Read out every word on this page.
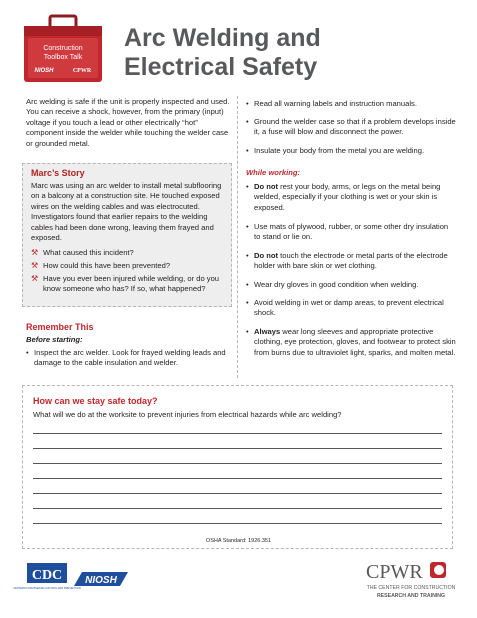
Construction
Toolbox Talk
NIOSH	CPWR
Arc Welding and
Electrical Safety
Arc welding is safe if the unit is properly inspected and used. You can receive a shock, however, from the primary (input) voltage if you touch a lead or other electrically “hot” component inside the welder while touching the welder case or grounded metal.
Marc’s Story
Marc was using an arc welder to install metal subflooring on a balcony at a construction site. He touched exposed wires on the welding cables and was electrocuted. Investigators found that earlier repairs to the welding cables had been done wrong, leaving them frayed and exposed.
⚒ What caused this incident?
⚒ How could this have been prevented?
⚒ Have you ever been injured while welding, or do you know someone who has? If so, what happened?
Remember This
Before starting:
• Inspect the arc welder. Look for frayed welding leads and damage to the cable insulation and welder.
• Read all warning labels and instruction manuals.
• Ground the welder case so that if a problem develops inside it, a fuse will blow and disconnect the power.
• Insulate your body from the metal you are welding.
While working:
• Do not rest your body, arms, or legs on the metal being welded, especially if your clothing is wet or your skin is exposed.
• Use mats of plywood, rubber, or some other dry insulation to stand or lie on.
• Do not touch the electrode or metal parts of the electrode holder with bare skin or wet clothing.
• Wear dry gloves in good condition when welding.
• Avoid welding in wet or damp areas, to prevent electrical shock.
• Always wear long sleeves and appropriate protective clothing, eye protection, gloves, and footwear to protect skin from burns due to ultraviolet light, sparks, and molten metal.
How can we stay safe today?
What will we do at the worksite to prevent injuries from electrical hazards while arc welding?
OSHA Standard: 1926.351
CDC
CENTERS FOR DISEASE CONTROL AND PREVENTION
NIOSH	CPWR
THE CENTER FOR CONSTRUCTION
RESEARCH AND TRAINING
